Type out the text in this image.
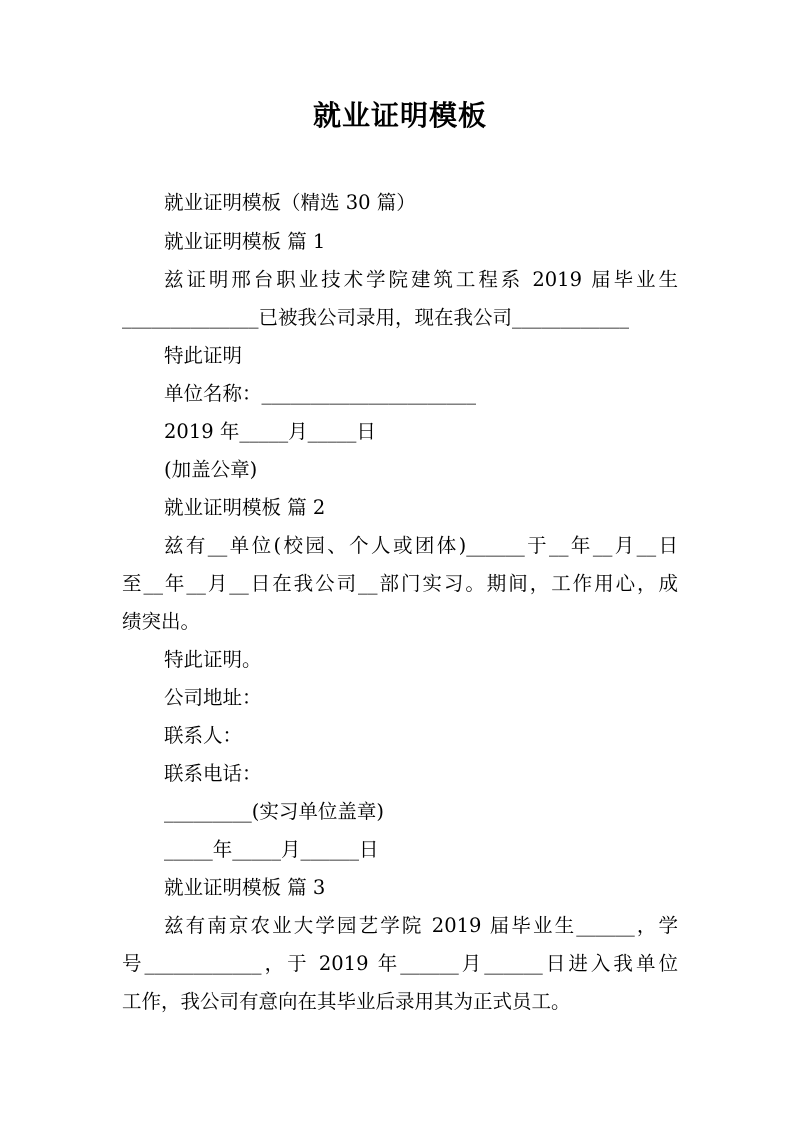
就业证明模板

就业证明模板（精选 30 篇）

就业证明模板 篇 1

兹证明邢台职业技术学院建筑工程系 2019 届毕业生

______________已被我公司录用，现在我公司____________

特此证明

单位名称：______________________

2019 年_____月_____日

(加盖公章)

就业证明模板 篇 2

兹有__单位(校园、个人或团体)______于__年__月__日

至__年__月__日在我公司__部门实习。期间，工作用心，成

绩突出。

特此证明。

公司地址：

联系人：

联系电话：

_________(实习单位盖章)

_____年_____月______日

就业证明模板 篇 3

兹有南京农业大学园艺学院 2019 届毕业生______，学

号____________，于 2019 年______月______日进入我单位

工作，我公司有意向在其毕业后录用其为正式员工。
